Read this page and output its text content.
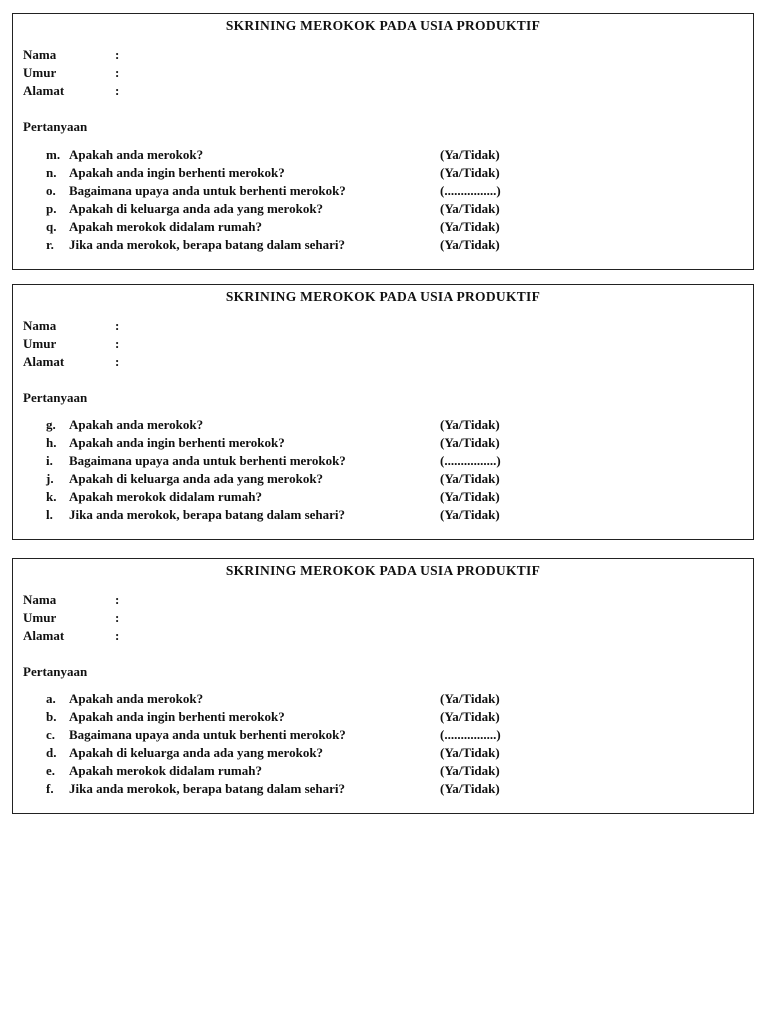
SKRINING MEROKOK PADA USIA PRODUKTIF
Nama	:
Umur	:
Alamat	:
Pertanyaan
m. Apakah anda merokok?	(Ya/Tidak)
n. Apakah anda ingin berhenti merokok?	(Ya/Tidak)
o.	Bagaimana upaya anda untuk berhenti merokok?	(................)
p. Apakah di keluarga anda ada yang merokok?	(Ya/Tidak)
q. Apakah merokok didalam rumah?	(Ya/Tidak)
r.	Jika anda merokok, berapa batang dalam sehari?	(Ya/Tidak)
SKRINING MEROKOK PADA USIA PRODUKTIF
Nama	:
Umur	:
Alamat	:
Pertanyaan
g.	Apakah anda merokok?	(Ya/Tidak)
h. Apakah anda ingin berhenti merokok?	(Ya/Tidak)
i.	Bagaimana upaya anda untuk berhenti merokok?	(................)
j.	Apakah di keluarga anda ada yang merokok?	(Ya/Tidak)
k. Apakah merokok didalam rumah?	(Ya/Tidak)
l.	Jika anda merokok, berapa batang dalam sehari?	(Ya/Tidak)
SKRINING MEROKOK PADA USIA PRODUKTIF
Nama	:
Umur	:
Alamat	:
Pertanyaan
a.	Apakah anda merokok?	(Ya/Tidak)
b. Apakah anda ingin berhenti merokok?	(Ya/Tidak)
c.	Bagaimana upaya anda untuk berhenti merokok?	(................)
d. Apakah di keluarga anda ada yang merokok?	(Ya/Tidak)
e.	Apakah merokok didalam rumah?	(Ya/Tidak)
f.	Jika anda merokok, berapa batang dalam sehari?	(Ya/Tidak)
